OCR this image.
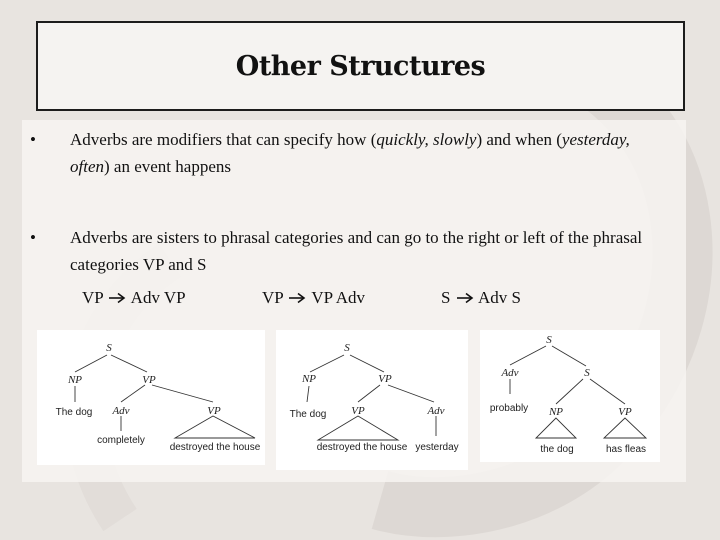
Other Structures
• Adverbs are modifiers that can specify how (quickly, slowly) and when (yesterday, often) an event happens
• Adverbs are sisters to phrasal categories and can go to the right or left of the phrasal categories VP and S
VP Adv VP	VP VP Adv	S Adv S
S
NP	VP
Adv	VP
The dog
completely
destroyed the house
S
NP	VP
VP	Adv
The dog
destroyed the house yesterday
S
Adv	S
NP	VP
probably
the dog	has fleas
